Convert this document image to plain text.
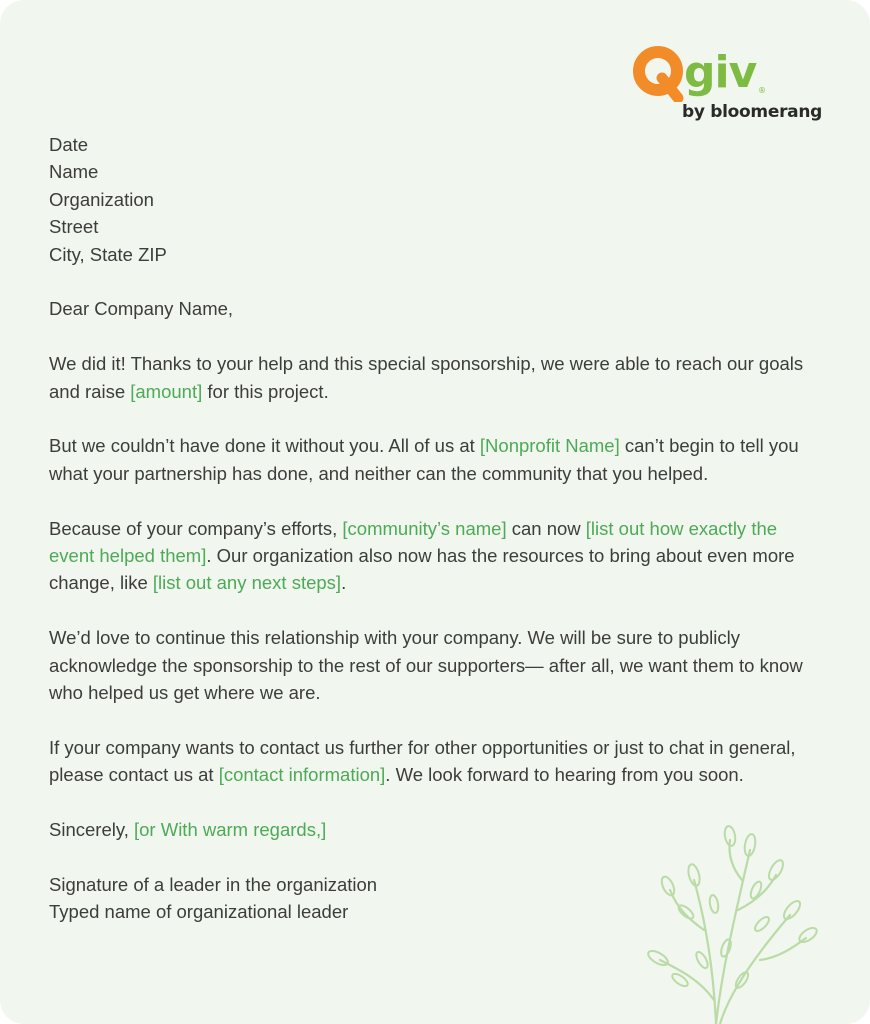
giv ®
by bloomerang
Date
Name
Organization
Street
City, State ZIP

Dear Company Name,

We did it! Thanks to your help and this special sponsorship, we were able to reach our goals and raise [amount] for this project.

But we couldn’t have done it without you. All of us at [Nonprofit Name] can’t begin to tell you what your partnership has done, and neither can the community that you helped.

Because of your company’s efforts, [community’s name] can now [list out how exactly the event helped them]. Our organization also now has the resources to bring about even more change, like [list out any next steps].

We’d love to continue this relationship with your company. We will be sure to publicly acknowledge the sponsorship to the rest of our supporters— after all, we want them to know who helped us get where we are.

If your company wants to contact us further for other opportunities or just to chat in general, please contact us at [contact information]. We look forward to hearing from you soon.

Sincerely, [or With warm regards,]

Signature of a leader in the organization
Typed name of organizational leader
